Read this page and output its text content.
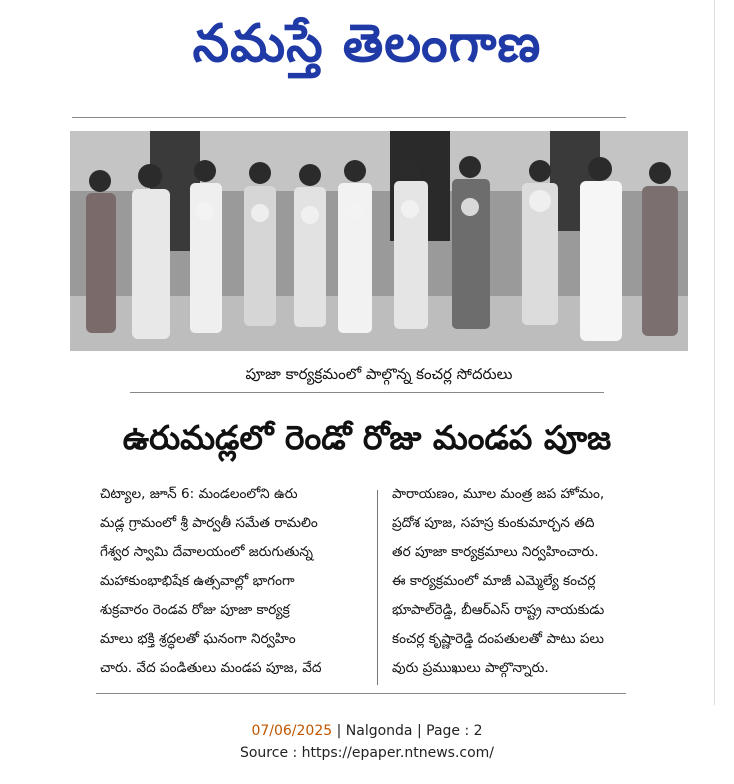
నమస్తే తెలంగాణ
పూజా కార్యక్రమంలో పాల్గొన్న కంచర్ల సోదరులు
ఉరుమడ్లలో రెండో రోజు మండప పూజ
చిట్యాల, జూన్ 6: మండలంలోని ఉరు
మడ్ల గ్రామంలో శ్రీ పార్వతీ సమేత రామలిం
గేశ్వర స్వామి దేవాలయంలో జరుగుతున్న
మహాకుంభాభిషేక ఉత్సవాల్లో భాగంగా
శుక్రవారం రెండవ రోజు పూజా కార్యక్ర
మాలు భక్తి శ్రద్ధలతో ఘనంగా నిర్వహిం
చారు. వేద పండితులు మండప పూజ, వేద
పారాయణం, మూల మంత్ర జప హోమం,
ప్రదోశ పూజ, సహస్ర కుంకుమార్చన తది
తర పూజా కార్యక్రమాలు నిర్వహించారు.
ఈ కార్యక్రమంలో మాజీ ఎమ్మెల్యే కంచర్ల
భూపాల్‌రెడ్డి, బీఆర్‌ఎస్ రాష్ట్ర నాయకుడు
కంచర్ల కృష్ణారెడ్డి దంపతులతో పాటు పలు
వురు ప్రముఖులు పాల్గొన్నారు.
07/06/2025 | Nalgonda | Page : 2
Source : https://epaper.ntnews.com/
